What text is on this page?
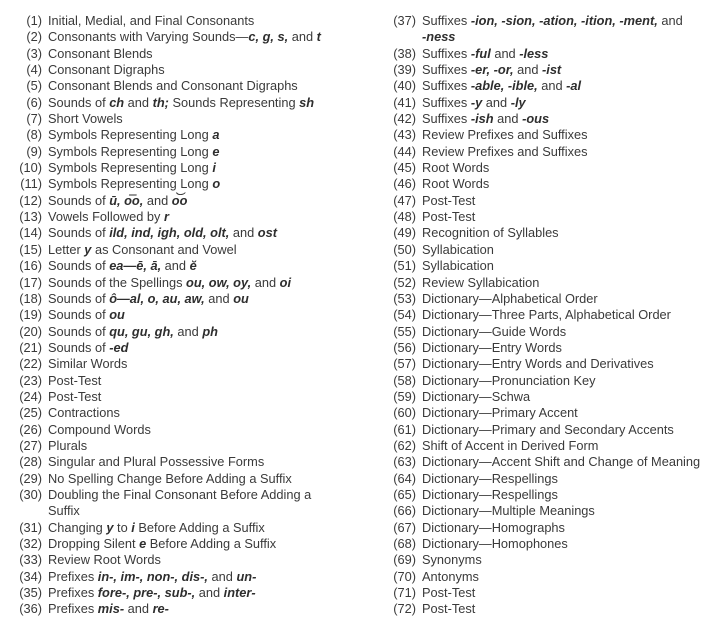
(1) Initial, Medial, and Final Consonants
(2) Consonants with Varying Sounds—c, g, s, and t
(3) Consonant Blends
(4) Consonant Digraphs
(5) Consonant Blends and Consonant Digraphs
(6) Sounds of ch and th; Sounds Representing sh
(7) Short Vowels
(8) Symbols Representing Long a
(9) Symbols Representing Long e
(10) Symbols Representing Long i
(11) Symbols Representing Long o
(12) Sounds of ū, o͞o, and o͝o
(13) Vowels Followed by r
(14) Sounds of ild, ind, igh, old, olt, and ost
(15) Letter y as Consonant and Vowel
(16) Sounds of ea—ē, ā, and ĕ
(17) Sounds of the Spellings ou, ow, oy, and oi
(18) Sounds of ô—al, o, au, aw, and ou
(19) Sounds of ou
(20) Sounds of qu, gu, gh, and ph
(21) Sounds of -ed
(22) Similar Words
(23) Post-Test
(24) Post-Test
(25) Contractions
(26) Compound Words
(27) Plurals
(28) Singular and Plural Possessive Forms
(29) No Spelling Change Before Adding a Suffix
(30) Doubling the Final Consonant Before Adding a
Suffix
(31) Changing y to i Before Adding a Suffix
(32) Dropping Silent e Before Adding a Suffix
(33) Review Root Words
(34) Prefixes in-, im-, non-, dis-, and un-
(35) Prefixes fore-, pre-, sub-, and inter-
(36) Prefixes mis- and re-
(37) Suffixes -ion, -sion, -ation, -ition, -ment, and
-ness
(38) Suffixes -ful and -less
(39) Suffixes -er, -or, and -ist
(40) Suffixes -able, -ible, and -al
(41) Suffixes -y and -ly
(42) Suffixes -ish and -ous
(43) Review Prefixes and Suffixes
(44) Review Prefixes and Suffixes
(45) Root Words
(46) Root Words
(47) Post-Test
(48) Post-Test
(49) Recognition of Syllables
(50) Syllabication
(51) Syllabication
(52) Review Syllabication
(53) Dictionary—Alphabetical Order
(54) Dictionary—Three Parts, Alphabetical Order
(55) Dictionary—Guide Words
(56) Dictionary—Entry Words
(57) Dictionary—Entry Words and Derivatives
(58) Dictionary—Pronunciation Key
(59) Dictionary—Schwa
(60) Dictionary—Primary Accent
(61) Dictionary—Primary and Secondary Accents
(62) Shift of Accent in Derived Form
(63) Dictionary—Accent Shift and Change of Meaning
(64) Dictionary—Respellings
(65) Dictionary—Respellings
(66) Dictionary—Multiple Meanings
(67) Dictionary—Homographs
(68) Dictionary—Homophones
(69) Synonyms
(70) Antonyms
(71) Post-Test
(72) Post-Test
